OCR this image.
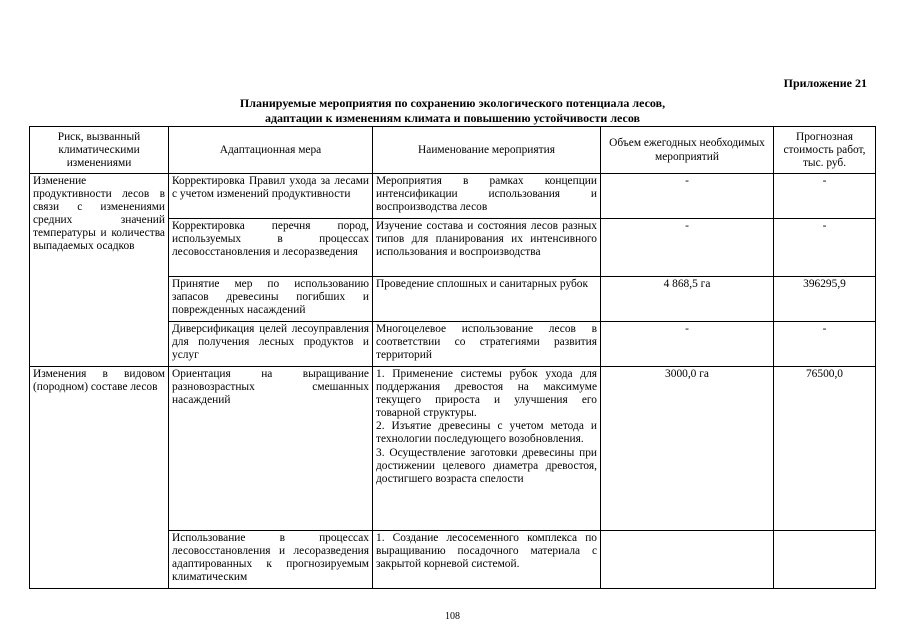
Приложение 21
Планируемые мероприятия по сохранению экологического потенциала лесов,
адаптации к изменениям климата и повышению устойчивости лесов
Риск, вызванный климатическими изменениями	Адаптационная мера	Наименование мероприятия	Объем ежегодных необходимых мероприятий	Прогнозная стоимость работ, тыс. руб.
Изменение продуктивности лесов в связи с изменениями средних значений температуры и количества выпадаемых осадков	Корректировка Правил ухода за лесами с учетом изменений продуктивности	Мероприятия в рамках концепции интенсификации использования и воспроизводства лесов	-	-
	Корректировка перечня пород, используемых в процессах лесовосстановления и лесоразведения	Изучение состава и состояния лесов разных типов для планирования их интенсивного использования и воспроизводства	-	-
	Принятие мер по использованию запасов древесины погибших и поврежденных насаждений	Проведение сплошных и санитарных рубок	4 868,5 га	396295,9
	Диверсификация целей лесоуправления для получения лесных продуктов и услуг	Многоцелевое использование лесов в соответствии со стратегиями развития территорий	-	-
Изменения в видовом (породном) составе лесов	Ориентация на выращивание разновозрастных смешанных насаждений	1. Применение системы рубок ухода для поддержания древостоя на максимуме текущего прироста и улучшения его товарной структуры.
2. Изъятие древесины с учетом метода и технологии последующего возобновления.
3. Осуществление заготовки древесины при достижении целевого диаметра древостоя, достигшего возраста спелости	3000,0 га	76500,0
	Использование в процессах лесовосстановления и лесоразведения адаптированных к прогнозируемым климатическим	1. Создание лесосеменного комплекса по выращиванию посадочного материала с закрытой корневой системой.		

108
